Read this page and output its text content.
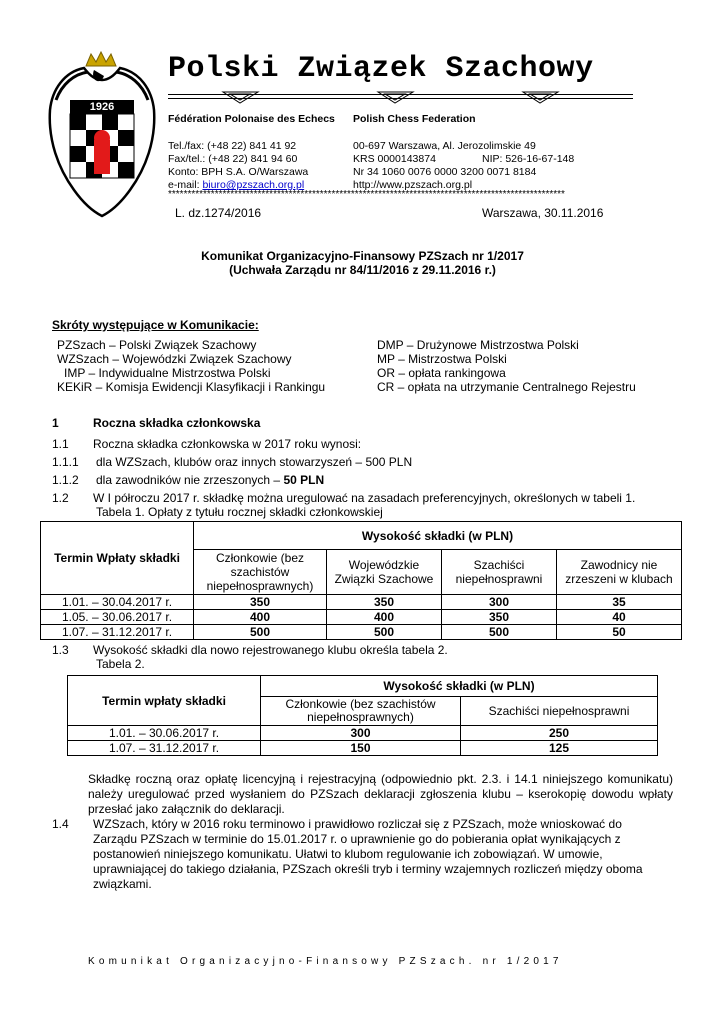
1926
Polski Związek Szachowy
Fédération Polonaise des Echecs Polish Chess Federation
Tel./fax: (+48 22) 841 41 92
Fax/tel.: (+48 22) 841 94 60
Konto: BPH S.A. O/Warszawa
e-mail: biuro@pzszach.org.pl
00-697 Warszawa, Al. Jerozolimskie 49
KRS 0000143874	NIP: 526-16-67-148
Nr 34 1060 0076 0000 3200 0071 8184
http://www.pzszach.org.pl
******************************************************************************************************
L. dz.1274/2016	Warszawa, 30.11.2016
Komunikat Organizacyjno-Finansowy PZSzach nr 1/2017
(Uchwała Zarządu nr 84/11/2016 z 29.11.2016 r.)
Skróty występujące w Komunikacie:
PZSzach – Polski Związek Szachowy
WZSzach – Wojewódzki Związek Szachowy
IMP – Indywidualne Mistrzostwa Polski
KEKiR – Komisja Ewidencji Klasyfikacji i Rankingu
DMP – Drużynowe Mistrzostwa Polski
MP – Mistrzostwa Polski
OR – opłata rankingowa
CR – opłata na utrzymanie Centralnego Rejestru
1	Roczna składka członkowska
1.1 Roczna składka członkowska w 2017 roku wynosi:
1.1.1 dla WZSzach, klubów oraz innych stowarzyszeń – 500 PLN
1.1.2 dla zawodników nie zrzeszonych – 50 PLN
1.2 W I półroczu 2017 r. składkę można uregulować na zasadach preferencyjnych, określonych w tabeli 1.
Tabela 1. Opłaty z tytułu rocznej składki członkowskiej
Termin Wpłaty składki	Wysokość składki (w PLN)			
	Członkowie (bez szachistów niepełnosprawnych)	Wojewódzkie Związki Szachowe	Szachiści niepełnosprawni	Zawodnicy nie zrzeszeni w klubach
1.01. – 30.04.2017 r.	350	350	300	35
1.05. – 30.06.2017 r.	400	400	350	40
1.07. – 31.12.2017 r.	500	500	500	50
1.3 Wysokość składki dla nowo rejestrowanego klubu określa tabela 2.
Tabela 2.
Termin wpłaty składki	Wysokość składki (w PLN)	
	Członkowie (bez szachistów niepełnosprawnych)	Szachiści niepełnosprawni
1.01. – 30.06.2017 r.	300	250
1.07. – 31.12.2017 r.	150	125
Składkę roczną oraz opłatę licencyjną i rejestracyjną (odpowiednio pkt. 2.3. i 14.1 niniejszego komunikatu) należy uregulować przed wysłaniem do PZSzach deklaracji zgłoszenia klubu – kserokopię dowodu wpłaty przesłać jako załącznik do deklaracji.
1.4 WZSzach, który w 2016 roku terminowo i prawidłowo rozliczał się z PZSzach, może wnioskować do Zarządu PZSzach w terminie do 15.01.2017 r. o uprawnienie go do pobierania opłat wynikających z postanowień niniejszego komunikatu. Ułatwi to klubom regulowanie ich zobowiązań. W umowie, uprawniającej do takiego działania, PZSzach określi tryb i terminy wzajemnych rozliczeń między oboma związkami.
Komunikat Organizacyjno-Finansowy PZSzach. nr 1/2017
